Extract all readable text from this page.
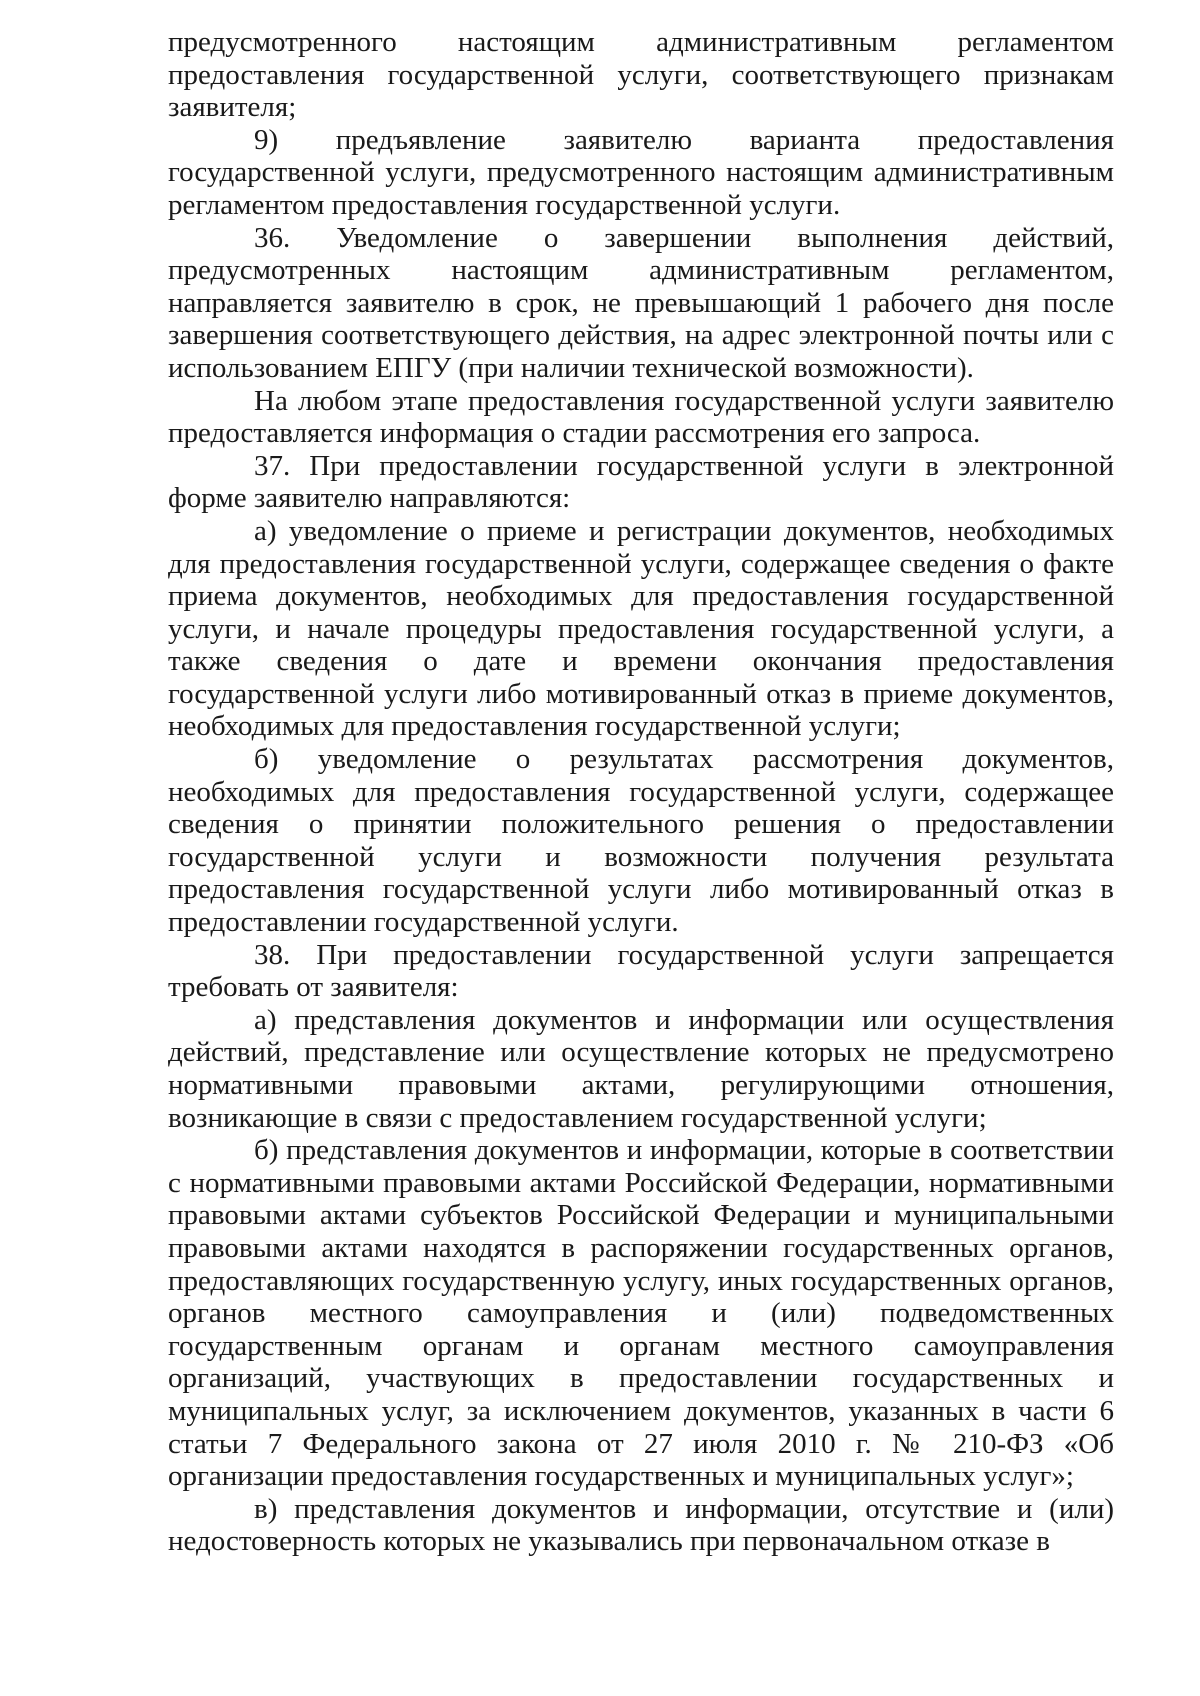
предусмотренного настоящим административным регламентом предоставления государственной услуги, соответствующего признакам заявителя;

9) предъявление заявителю варианта предоставления государственной услуги, предусмотренного настоящим административным регламентом предоставления государственной услуги.

36. Уведомление о завершении выполнения действий, предусмотренных настоящим административным регламентом, направляется заявителю в срок, не превышающий 1 рабочего дня после завершения соответствующего действия, на адрес электронной почты или с использованием ЕПГУ (при наличии технической возможности).

На любом этапе предоставления государственной услуги заявителю предоставляется информация о стадии рассмотрения его запроса.

37. При предоставлении государственной услуги в электронной форме заявителю направляются:

а) уведомление о приеме и регистрации документов, необходимых для предоставления государственной услуги, содержащее сведения о факте приема документов, необходимых для предоставления государственной услуги, и начале процедуры предоставления государственной услуги, а также сведения о дате и времени окончания предоставления государственной услуги либо мотивированный отказ в приеме документов, необходимых для предоставления государственной услуги;

б) уведомление о результатах рассмотрения документов, необходимых для предоставления государственной услуги, содержащее сведения о принятии положительного решения о предоставлении государственной услуги и возможности получения результата предоставления государственной услуги либо мотивированный отказ в предоставлении государственной услуги.

38. При предоставлении государственной услуги запрещается требовать от заявителя:

а) представления документов и информации или осуществления действий, представление или осуществление которых не предусмотрено нормативными правовыми актами, регулирующими отношения, возникающие в связи с предоставлением государственной услуги;

б) представления документов и информации, которые в соответствии с нормативными правовыми актами Российской Федерации, нормативными правовыми актами субъектов Российской Федерации и муниципальными правовыми актами находятся в распоряжении государственных органов, предоставляющих государственную услугу, иных государственных органов, органов местного самоуправления и (или) подведомственных государственным органам и органам местного самоуправления организаций, участвующих в предоставлении государственных и муниципальных услуг, за исключением документов, указанных в части 6 статьи 7 Федерального закона от 27 июля 2010 г. № 210-ФЗ «Об организации предоставления государственных и муниципальных услуг»;

в) представления документов и информации, отсутствие и (или) недостоверность которых не указывались при первоначальном отказе в
